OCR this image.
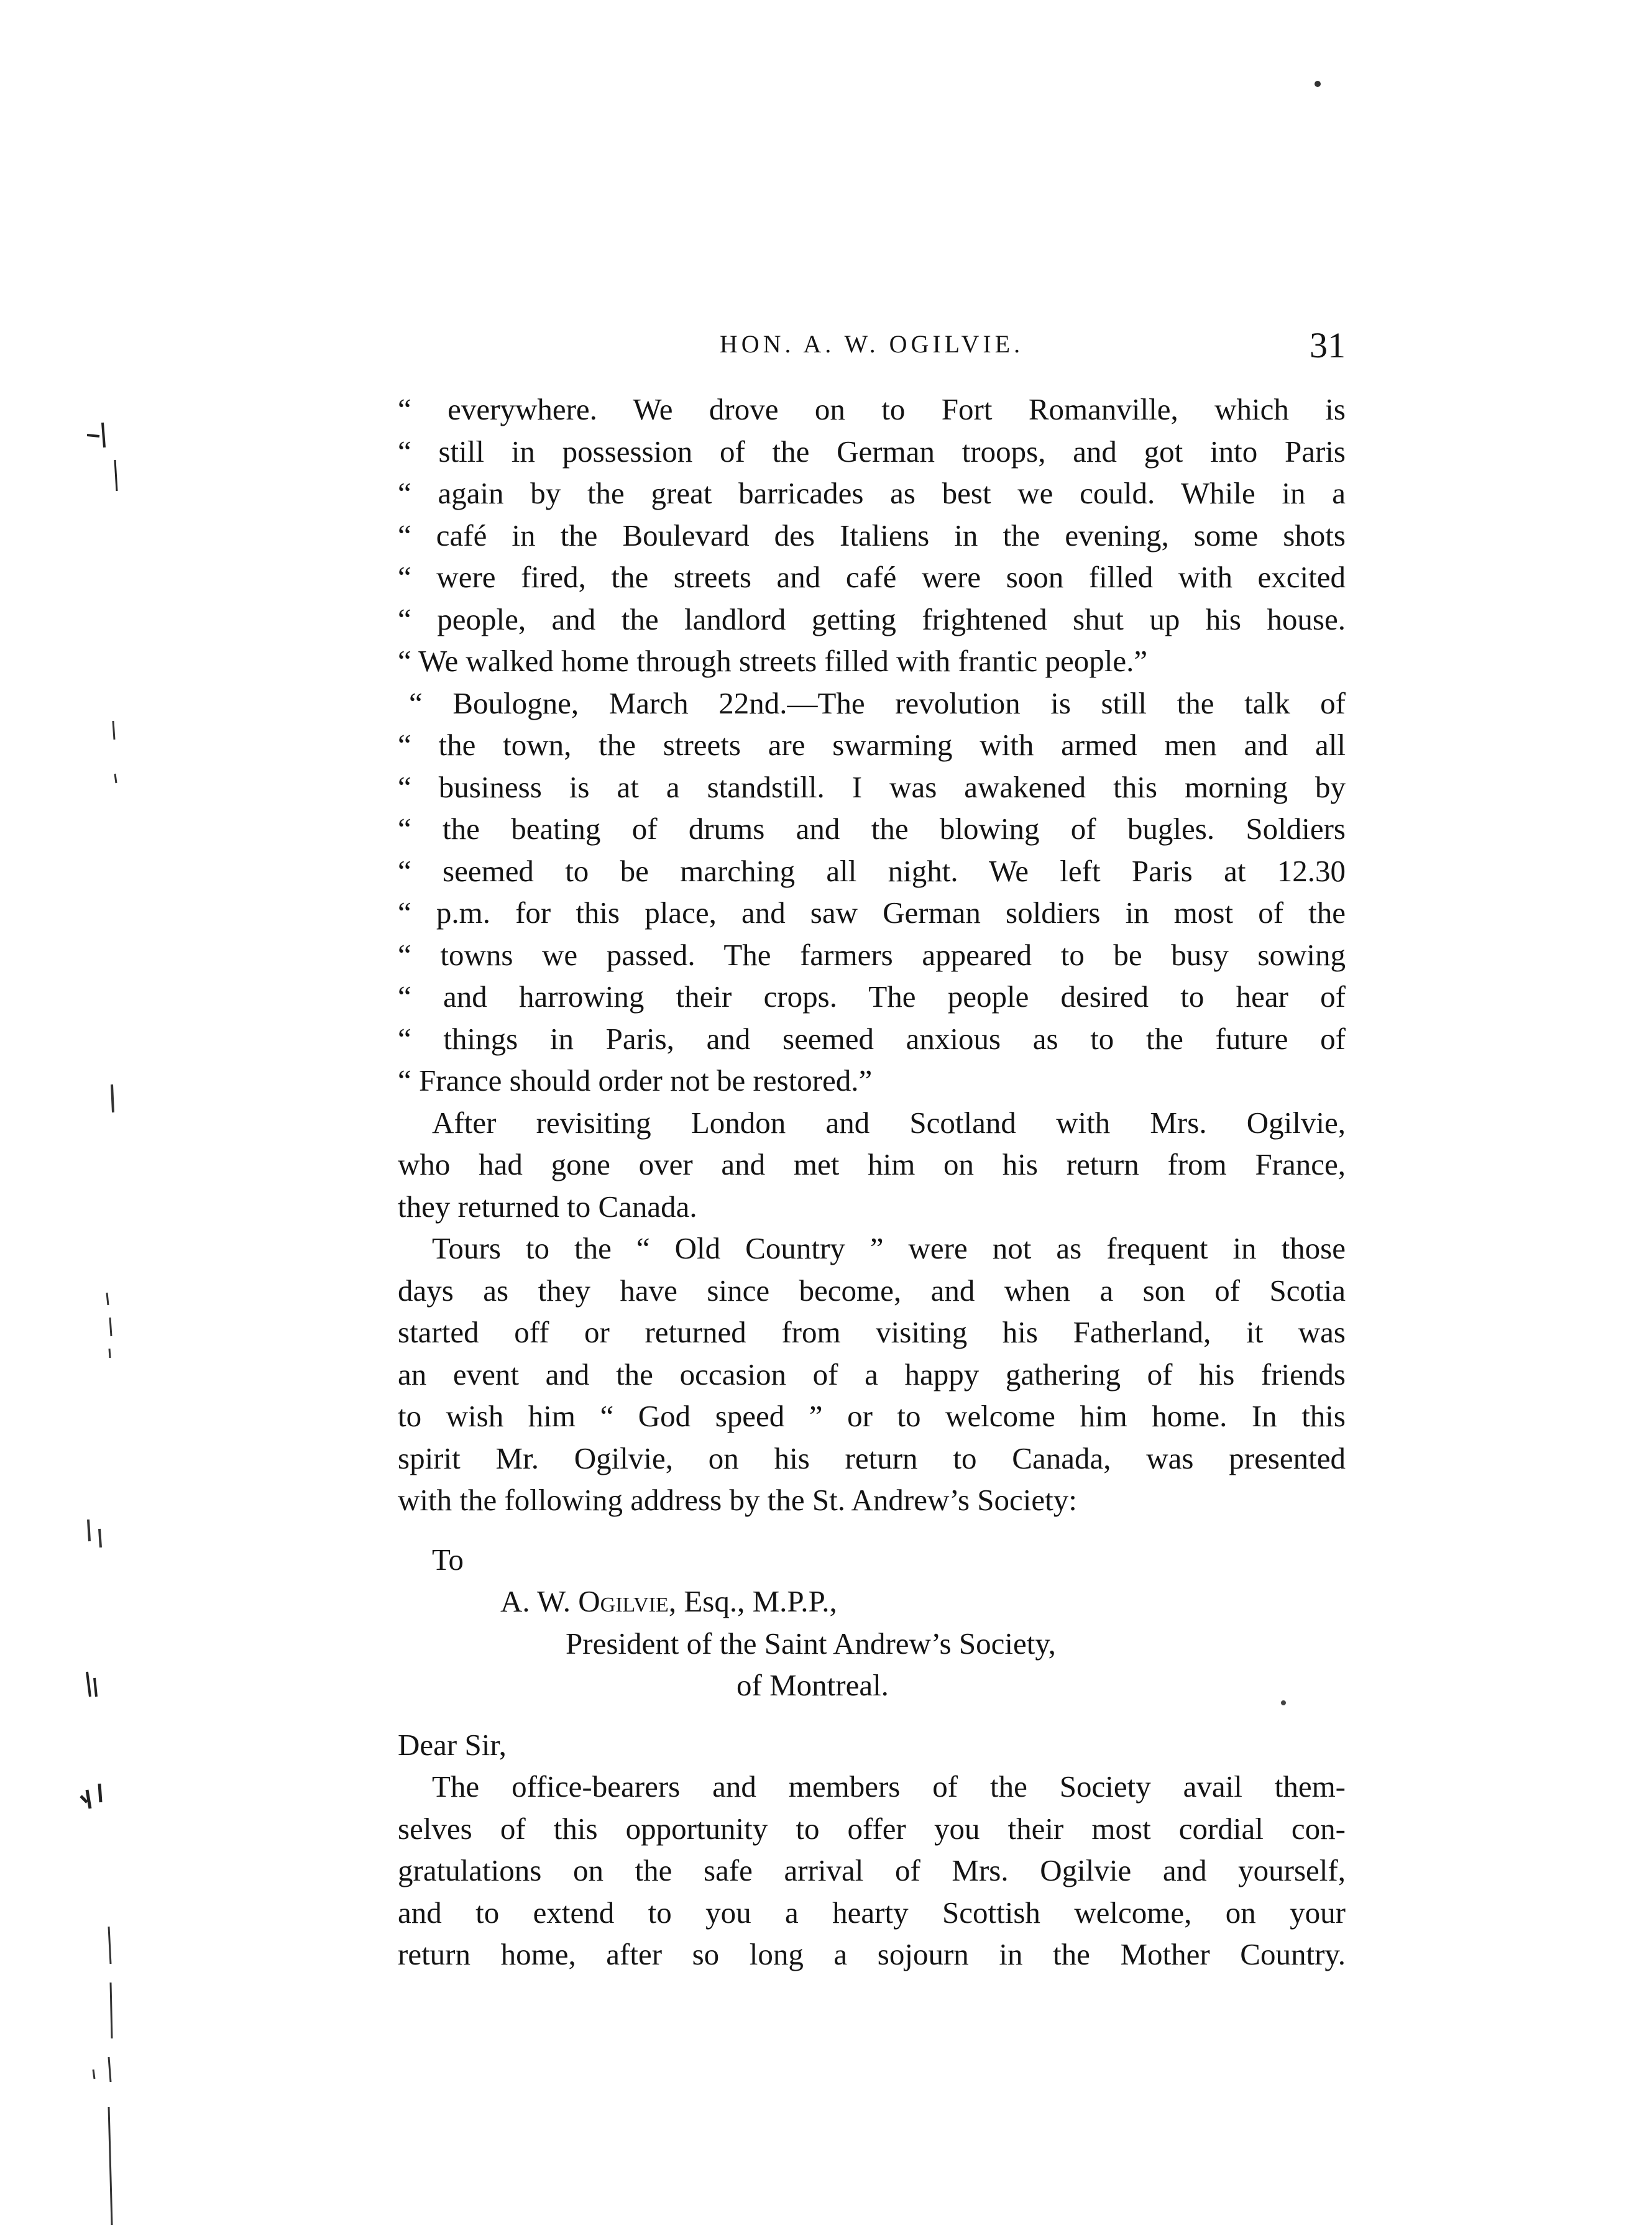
HON. A. W. OGILVIE.	31
“ everywhere. We drove on to Fort Romanville, which is
“ still in possession of the German troops, and got into Paris
“ again by the great barricades as best we could. While in a
“ café in the Boulevard des Italiens in the evening, some shots
“ were fired, the streets and café were soon filled with excited
“ people, and the landlord getting frightened shut up his house.
“ We walked home through streets filled with frantic people.”
“ Boulogne, March 22nd.—The revolution is still the talk of
“ the town, the streets are swarming with armed men and all
“ business is at a standstill. I was awakened this morning by
“ the beating of drums and the blowing of bugles. Soldiers
“ seemed to be marching all night. We left Paris at 12.30
“ p.m. for this place, and saw German soldiers in most of the
“ towns we passed. The farmers appeared to be busy sowing
“ and harrowing their crops. The people desired to hear of
“ things in Paris, and seemed anxious as to the future of
“ France should order not be restored.”
After revisiting London and Scotland with Mrs. Ogilvie,
who had gone over and met him on his return from France,
they returned to Canada.
Tours to the “ Old Country ” were not as frequent in those
days as they have since become, and when a son of Scotia
started off or returned from visiting his Fatherland, it was
an event and the occasion of a happy gathering of his friends
to wish him “ God speed ” or to welcome him home. In this
spirit Mr. Ogilvie, on his return to Canada, was presented
with the following address by the St. Andrew’s Society:
To
A. W. Ogilvie, Esq., M.P.P.,
President of the Saint Andrew’s Society,
of Montreal.
Dear Sir,
The office-bearers and members of the Society avail them-
selves of this opportunity to offer you their most cordial con-
gratulations on the safe arrival of Mrs. Ogilvie and yourself,
and to extend to you a hearty Scottish welcome, on your
return home, after so long a sojourn in the Mother Country.
